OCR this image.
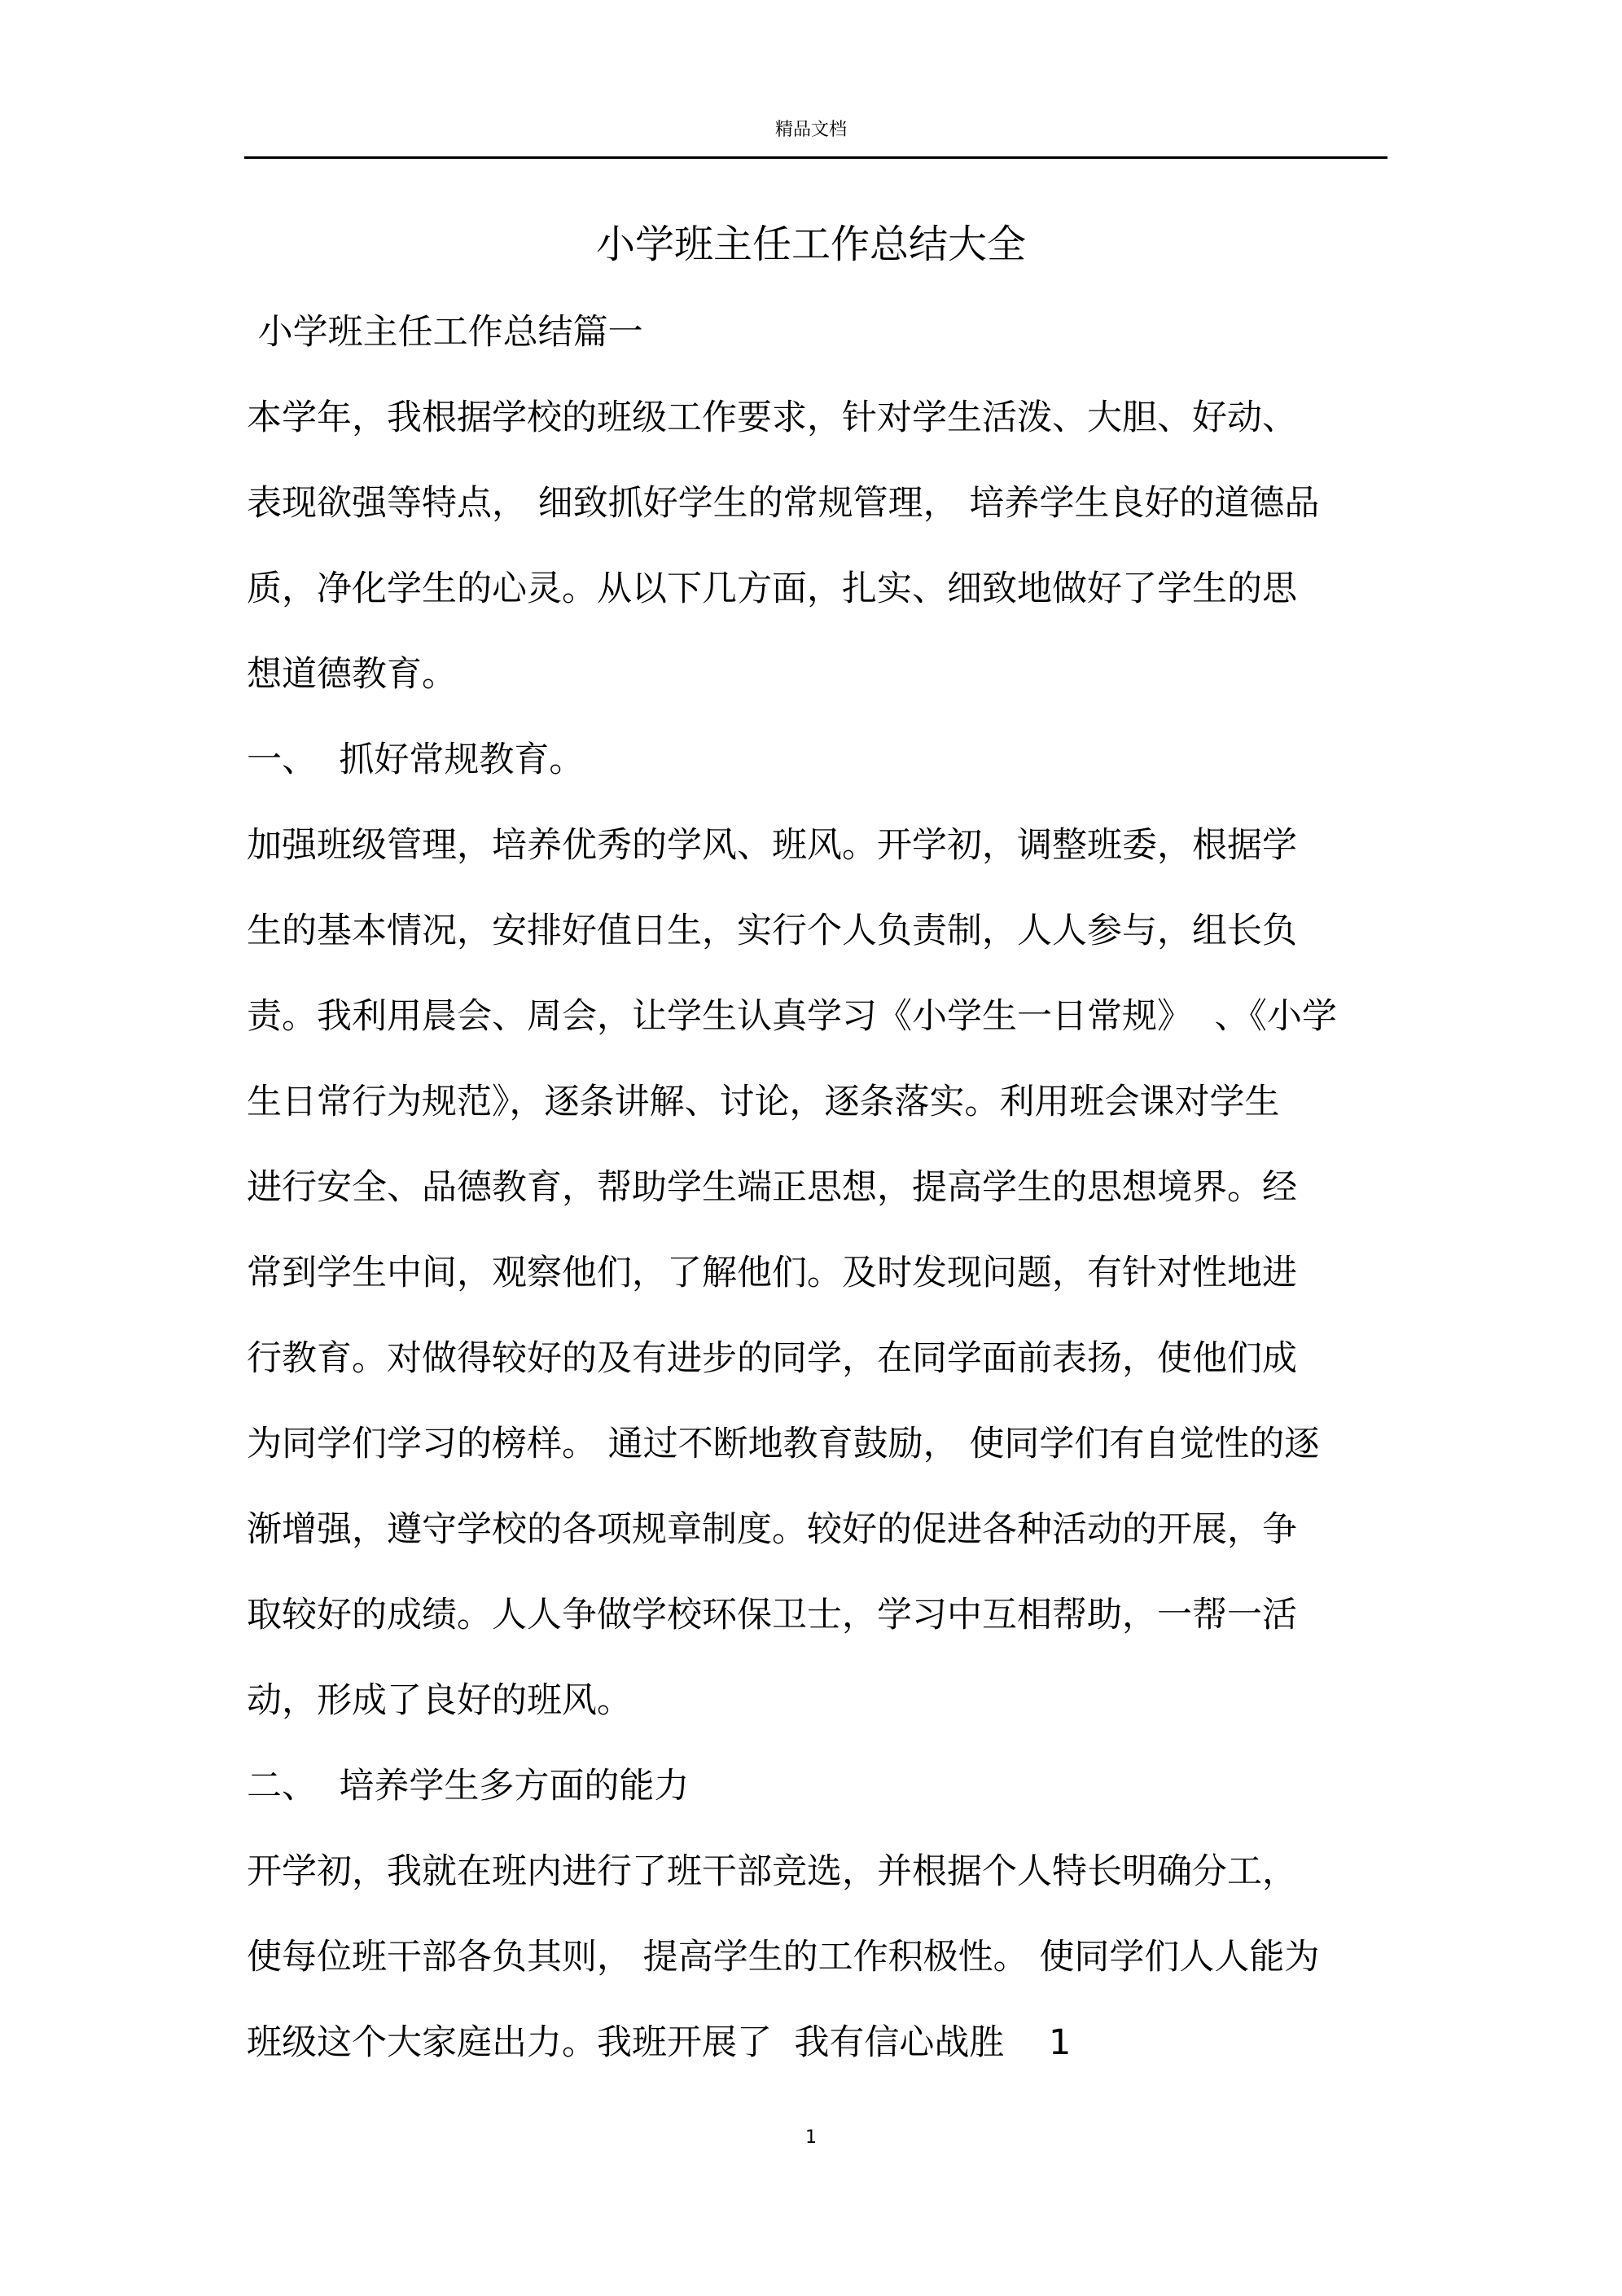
精品文档
小学班主任工作总结大全
小学班主任工作总结篇一
本学年，我根据学校的班级工作要求，针对学生活泼、大胆、好动、
表现欲强等特点， 细致抓好学生的常规管理， 培养学生良好的道德品
质，净化学生的心灵。从以下几方面，扎实、细致地做好了学生的思
想道德教育。
一、  抓好常规教育。
加强班级管理，培养优秀的学风、班风。开学初，调整班委，根据学
生的基本情况，安排好值日生，实行个人负责制，人人参与，组长负
责。我利用晨会、周会，让学生认真学习《小学生一日常规》  、《小学
生日常行为规范》，逐条讲解、讨论，逐条落实。利用班会课对学生
进行安全、品德教育，帮助学生端正思想，提高学生的思想境界。经
常到学生中间，观察他们，了解他们。及时发现问题，有针对性地进
行教育。对做得较好的及有进步的同学，在同学面前表扬，使他们成
为同学们学习的榜样。 通过不断地教育鼓励， 使同学们有自觉性的逐
渐增强，遵守学校的各项规章制度。较好的促进各种活动的开展，争
取较好的成绩。人人争做学校环保卫士，学习中互相帮助，一帮一活
动，形成了良好的班风。
二、  培养学生多方面的能力
开学初，我就在班内进行了班干部竞选，并根据个人特长明确分工，
使每位班干部各负其则， 提高学生的工作积极性。 使同学们人人能为
班级这个大家庭出力。我班开展了  我有信心战胜    1
1
